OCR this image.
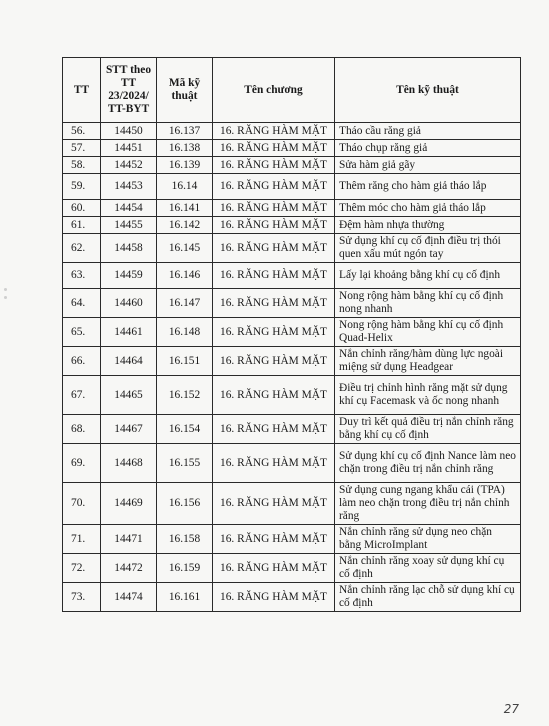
TT	STT theo TT 23/2024/ TT-BYT	Mã kỹ thuật	Tên chương	Tên kỹ thuật
56.	14450	16.137	16. RĂNG HÀM MẶT	Tháo cầu răng giả
57.	14451	16.138	16. RĂNG HÀM MẶT	Tháo chụp răng giả
58.	14452	16.139	16. RĂNG HÀM MẶT	Sửa hàm giả gãy
59.	14453	16.14	16. RĂNG HÀM MẶT	Thêm răng cho hàm giả tháo lắp
60.	14454	16.141	16. RĂNG HÀM MẶT	Thêm móc cho hàm giả tháo lắp
61.	14455	16.142	16. RĂNG HÀM MẶT	Đệm hàm nhựa thường
62.	14458	16.145	16. RĂNG HÀM MẶT	Sử dụng khí cụ cố định điều trị thói quen xấu mút ngón tay
63.	14459	16.146	16. RĂNG HÀM MẶT	Lấy lại khoảng bằng khí cụ cố định
64.	14460	16.147	16. RĂNG HÀM MẶT	Nong rộng hàm bằng khí cụ cố định nong nhanh
65.	14461	16.148	16. RĂNG HÀM MẶT	Nong rộng hàm bằng khí cụ cố định Quad-Helix
66.	14464	16.151	16. RĂNG HÀM MẶT	Nắn chỉnh răng/hàm dùng lực ngoài miệng sử dụng Headgear
67.	14465	16.152	16. RĂNG HÀM MẶT	Điều trị chỉnh hình răng mặt sử dụng khí cụ Facemask và ốc nong nhanh
68.	14467	16.154	16. RĂNG HÀM MẶT	Duy trì kết quả điều trị nắn chỉnh răng bằng khí cụ cố định
69.	14468	16.155	16. RĂNG HÀM MẶT	Sử dụng khí cụ cố định Nance làm neo chặn trong điều trị nắn chỉnh răng
70.	14469	16.156	16. RĂNG HÀM MẶT	Sử dụng cung ngang khẩu cái (TPA) làm neo chặn trong điều trị nắn chỉnh răng
71.	14471	16.158	16. RĂNG HÀM MẶT	Nắn chỉnh răng sử dụng neo chặn bằng MicroImplant
72.	14472	16.159	16. RĂNG HÀM MẶT	Nắn chỉnh răng xoay sử dụng khí cụ cố định
73.	14474	16.161	16. RĂNG HÀM MẶT	Nắn chỉnh răng lạc chỗ sử dụng khí cụ cố định
27
